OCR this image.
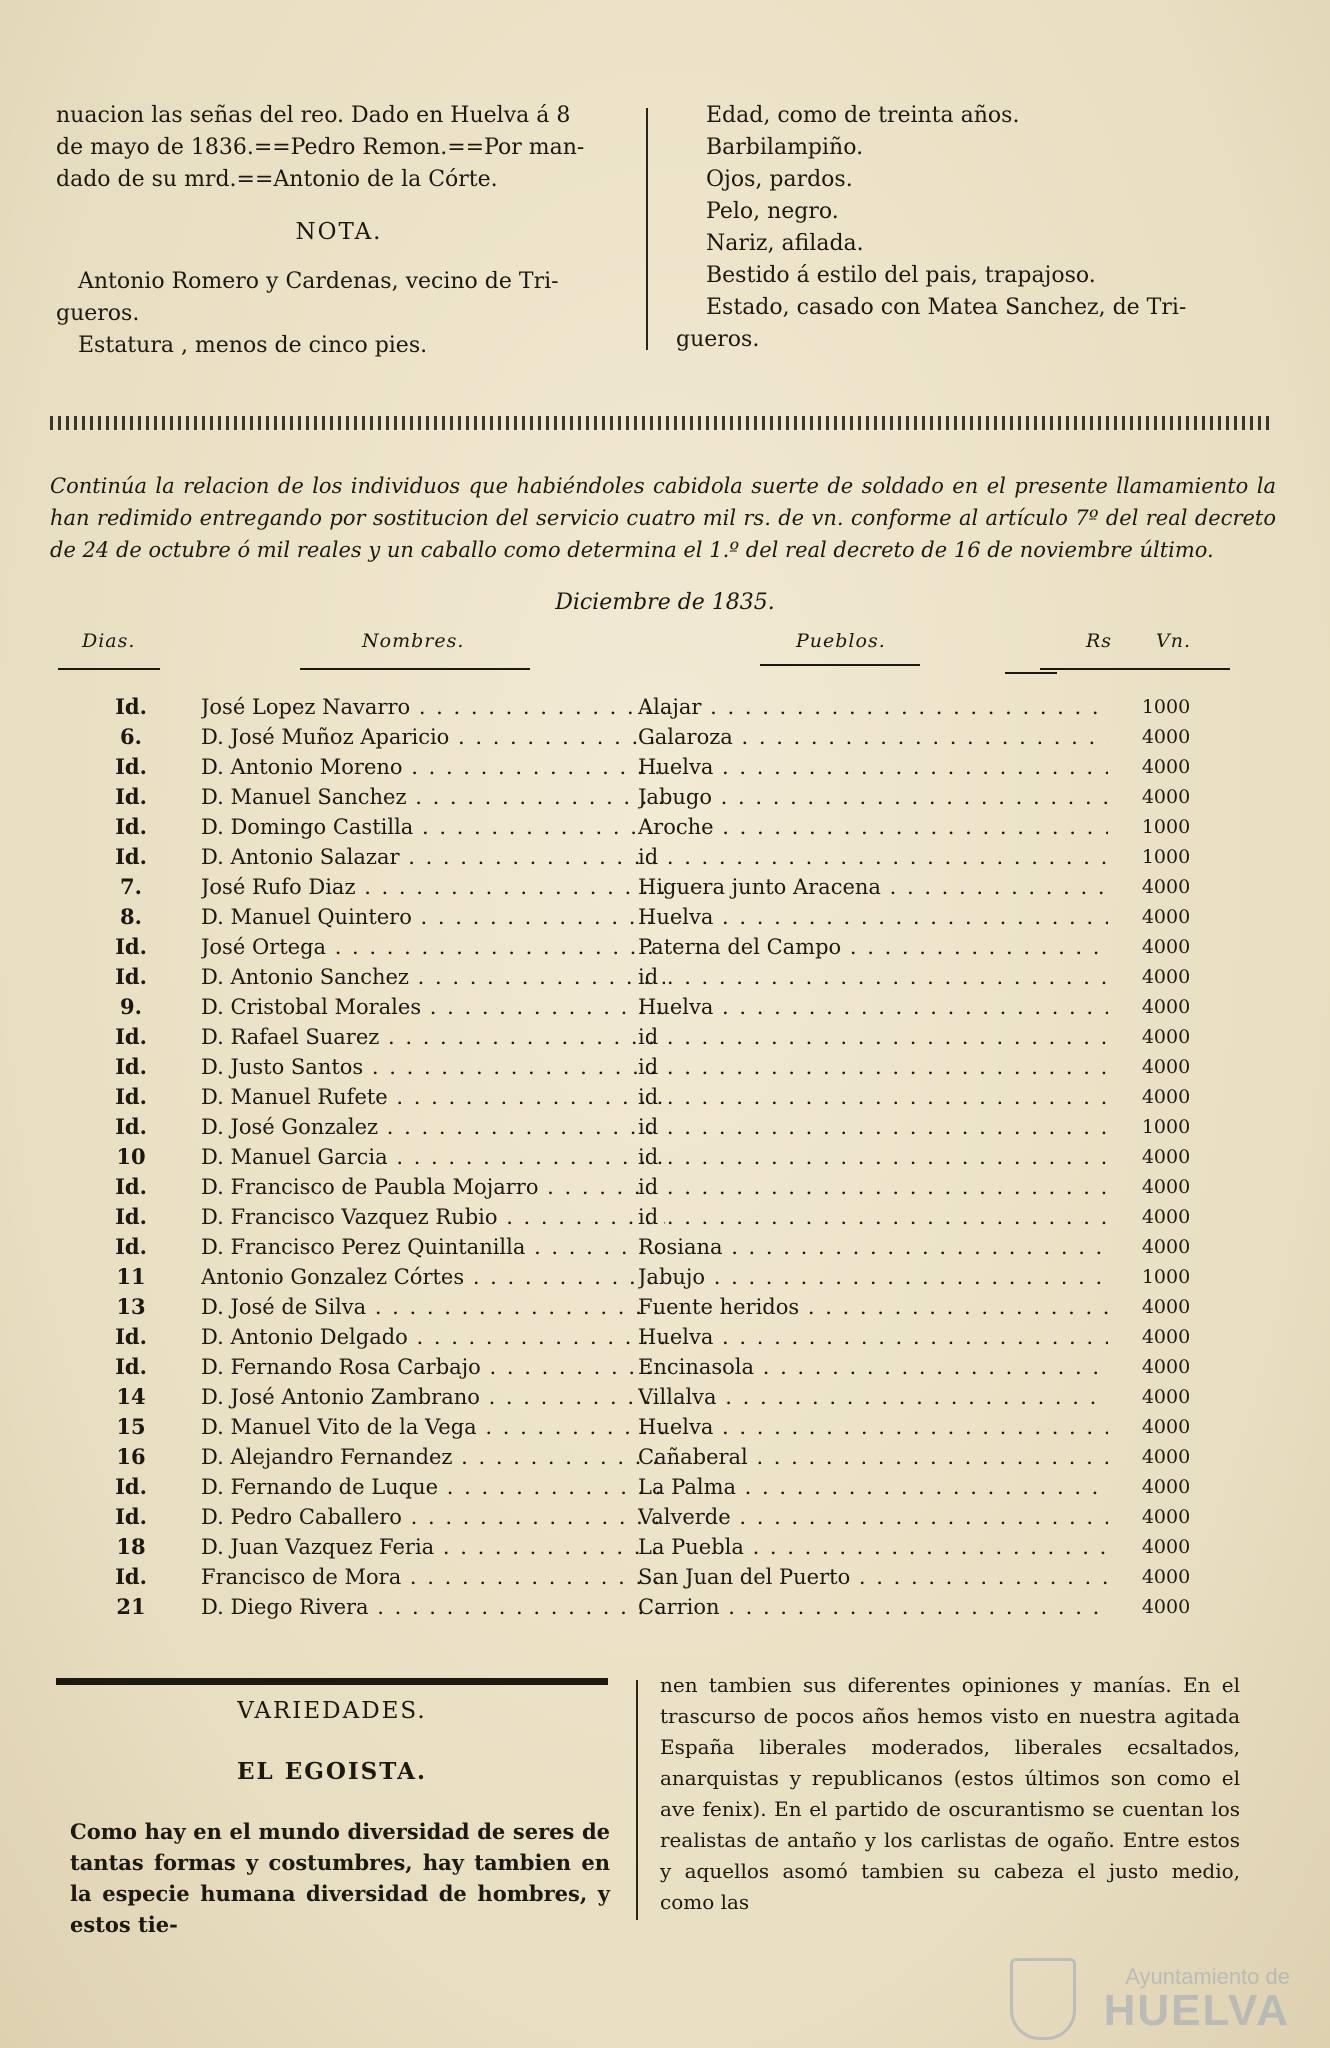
nuacion las señas del reo. Dado en Huelva á 8
de mayo de 1836.==Pedro Remon.==Por man-
dado de su mrd.==Antonio de la Córte.
NOTA.
Antonio Romero y Cardenas, vecino de Tri-
gueros.
Estatura , menos de cinco pies.
Edad, como de treinta años.
Barbilampiño.
Ojos, pardos.
Pelo, negro.
Nariz, afilada.
Bestido á estilo del pais, trapajoso.
Estado, casado con Matea Sanchez, de Tri-
gueros.
Continúa la relacion de los individuos que habiéndoles cabidola suerte de soldado en el presente llamamiento la han redimido entregando por sostitucion del servicio cuatro mil rs. de vn. conforme al artículo 7º del real decreto de 24 de octubre ó mil reales y un caballo como determina el 1.º del real decreto de 16 de noviembre último.
Diciembre de 1835.
Dias.	Nombres.	Pueblos.	Rs Vn.
Id.	José Lopez Navarro . . .	Alajar . . .	1000
6.	D. José Muñoz Aparicio . . .	Galaroza . . .	4000
Id.	D. Antonio Moreno . . .	Huelva . . .	4000
Id.	D. Manuel Sanchez . . .	Jabugo . . .	4000
Id.	D. Domingo Castilla . . .	Aroche . . .	1000
Id.	D. Antonio Salazar . . .	id . . .	1000
7.	José Rufo Diaz . . .	Higuera junto Aracena . . .	4000
8.	D. Manuel Quintero . . .	Huelva . . .	4000
Id.	José Ortega . . .	Paterna del Campo . . .	4000
Id.	D. Antonio Sanchez . . .	id . . .	4000
9.	D. Cristobal Morales . . .	Huelva . . .	4000
Id.	D. Rafael Suarez . . .	id . . .	4000
Id.	D. Justo Santos . . .	id . . .	4000
Id.	D. Manuel Rufete . . .	id . . .	4000
Id.	D. José Gonzalez . . .	id . . .	1000
10	D. Manuel Garcia . . .	id . . .	4000
Id.	D. Francisco de Paubla Mojarro . . .	id . . .	4000
Id.	D. Francisco Vazquez Rubio . . .	id . . .	4000
Id.	D. Francisco Perez Quintanilla . . .	Rosiana . . .	4000
11	Antonio Gonzalez Córtes . . .	Jabujo . . .	1000
13	D. José de Silva . . .	Fuente heridos . . .	4000
Id.	D. Antonio Delgado . . .	Huelva . . .	4000
Id.	D. Fernando Rosa Carbajo . . .	Encinasola . . .	4000
14	D. José Antonio Zambrano . . .	Villalva . . .	4000
15	D. Manuel Vito de la Vega . . .	Huelva . . .	4000
16	D. Alejandro Fernandez . . .	Cañaberal . . .	4000
Id.	D. Fernando de Luque . . .	La Palma . . .	4000
Id.	D. Pedro Caballero . . .	Valverde . . .	4000
18	D. Juan Vazquez Feria . . .	La Puebla . . .	4000
Id.	Francisco de Mora . . .	San Juan del Puerto . . .	4000
21	D. Diego Rivera . . .	Carrion . . .	4000
VARIEDADES.
EL EGOISTA.
Como hay en el mundo diversidad de seres de tantas formas y costumbres, hay tambien en la especie humana diversidad de hombres, y estos tie-
nen tambien sus diferentes opiniones y manías. En el trascurso de pocos años hemos visto en nuestra agitada España liberales moderados, liberales ecsaltados, anarquistas y republicanos (estos últimos son como el ave fenix). En el partido de oscurantismo se cuentan los realistas de antaño y los carlistas de ogaño. Entre estos y aquellos asomó tambien su cabeza el justo medio, como las
Ayuntamiento de
HUELVA
